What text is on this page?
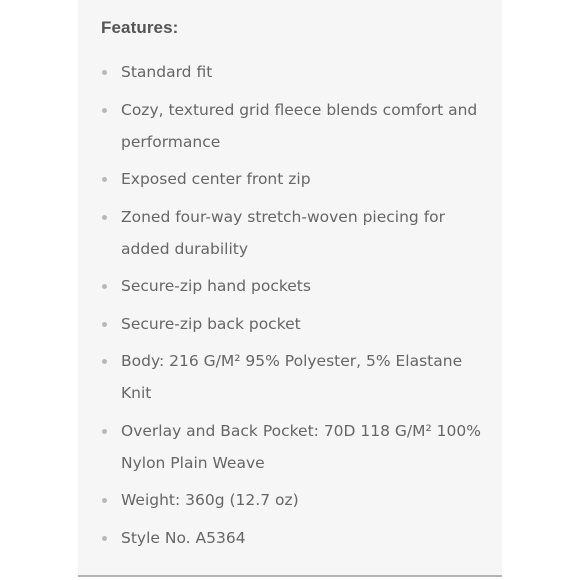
Features:
Standard fit
Cozy, textured grid fleece blends comfort and performance
Exposed center front zip
Zoned four-way stretch-woven piecing for added durability
Secure-zip hand pockets
Secure-zip back pocket
Body: 216 G/M² 95% Polyester, 5% Elastane Knit
Overlay and Back Pocket: 70D 118 G/M² 100% Nylon Plain Weave
Weight: 360g (12.7 oz)
Style No. A5364
